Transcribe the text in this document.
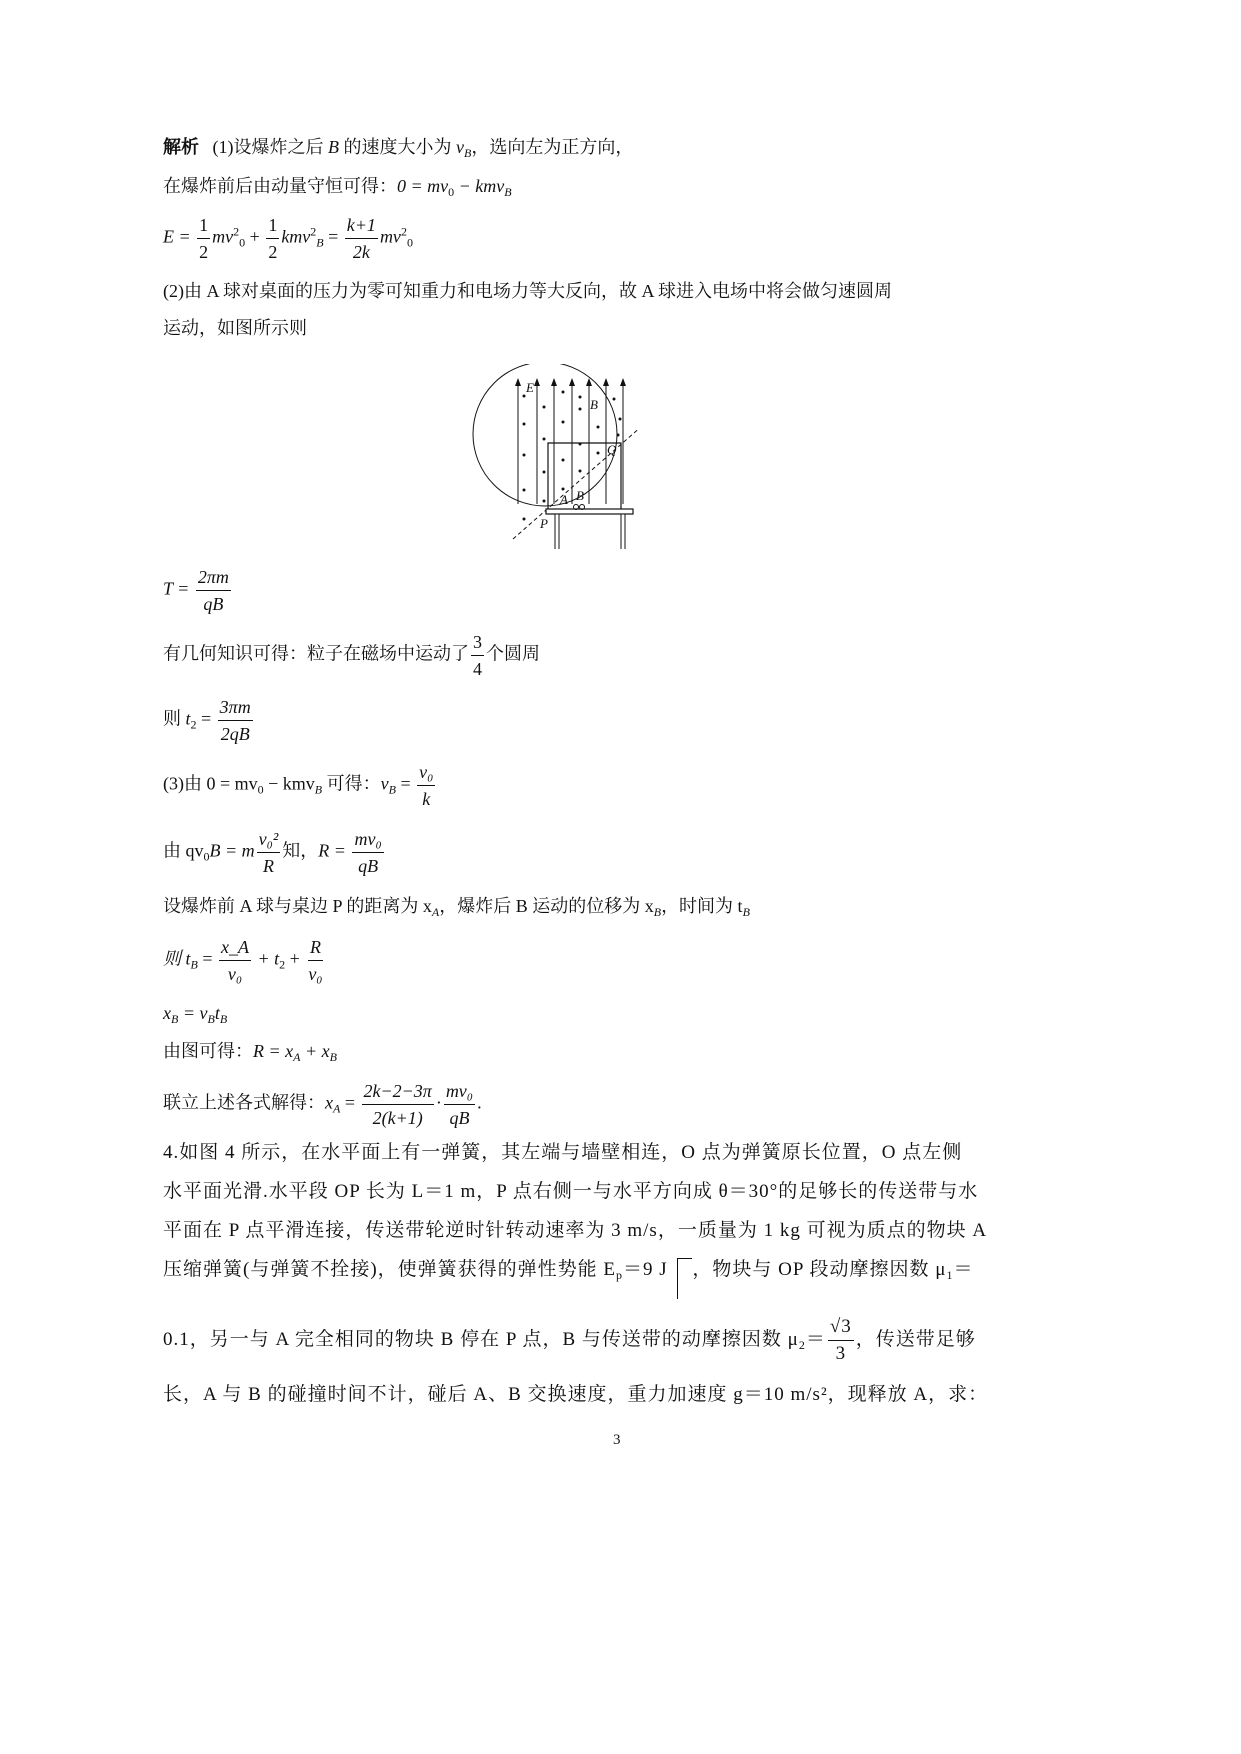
解析 (1)设爆炸之后 B 的速度大小为 $v_B$，选向左为正方向，
在爆炸前后由动量守恒可得：$0 = mv_0 - kmv_B$
$E = \frac{1}{2} mv^2_0 + \frac{1}{2} kmv^2_B = \frac{k+1}{2k} mv^2_0$
(2)由 A 球对桌面的压力为零可知重力和电场力等大反向，故 A 球进入电场中将会做匀速圆周
运动，如图所示则
E
B
Q
A B
P
$T = \frac{2\pi m}{qB}$
有几何知识可得：粒子在磁场中运动了 $\frac{3}{4}$ 个圆周
则 $t_2 = \frac{3\pi m}{2qB}$
(3)由 $0 = mv_0 - kmv_B$ 可得：$v_B = \frac{\text{v₀}}{k}$
由 $qv_0B = m \frac{\text{v₀²}}{R}$ 知，$R = \frac{\text{mv₀}}{qB}$
设爆炸前 A 球与桌边 P 的距离为 $x_A$，爆炸后 B 运动的位移为 $x_B$，时间为 $t_B$
则 $t_B = \frac{x\_A}{\text{v₀}} + t_2 + \frac{R}{\text{v₀}}$
$x_B = v_Bt_B$
由图可得：$R = x_A + x_B$
联立上述各式解得：$x_A = \frac{2k-2-3\pi}{2(k+1)} \cdot \frac{\text{mv₀}}{qB}$ .
4.如图 4 所示，在水平面上有一弹簧，其左端与墙壁相连，O 点为弹簧原长位置，O 点左侧
水平面光滑.水平段 OP 长为 L＝1 m，P 点右侧一与水平方向成 θ＝30°的足够长的传送带与水
平面在 P 点平滑连接，传送带轮逆时针转动速率为 3 m/s，一质量为 1 kg 可视为质点的物块 A
压缩弹簧(与弹簧不拴接)，使弹簧获得的弹性势能 $E_p=9$ J ，物块与 OP 段动摩擦因数 $\mu_1=$
0.1，另一与 A 完全相同的物块 B 停在 P 点，B 与传送带的动摩擦因数 $\mu_2= \frac{√3}{3}$ ，传送带足够
长，A 与 B 的碰撞时间不计，碰后 A、B 交换速度，重力加速度 g＝10 m/s²，现释放 A，求：
3
